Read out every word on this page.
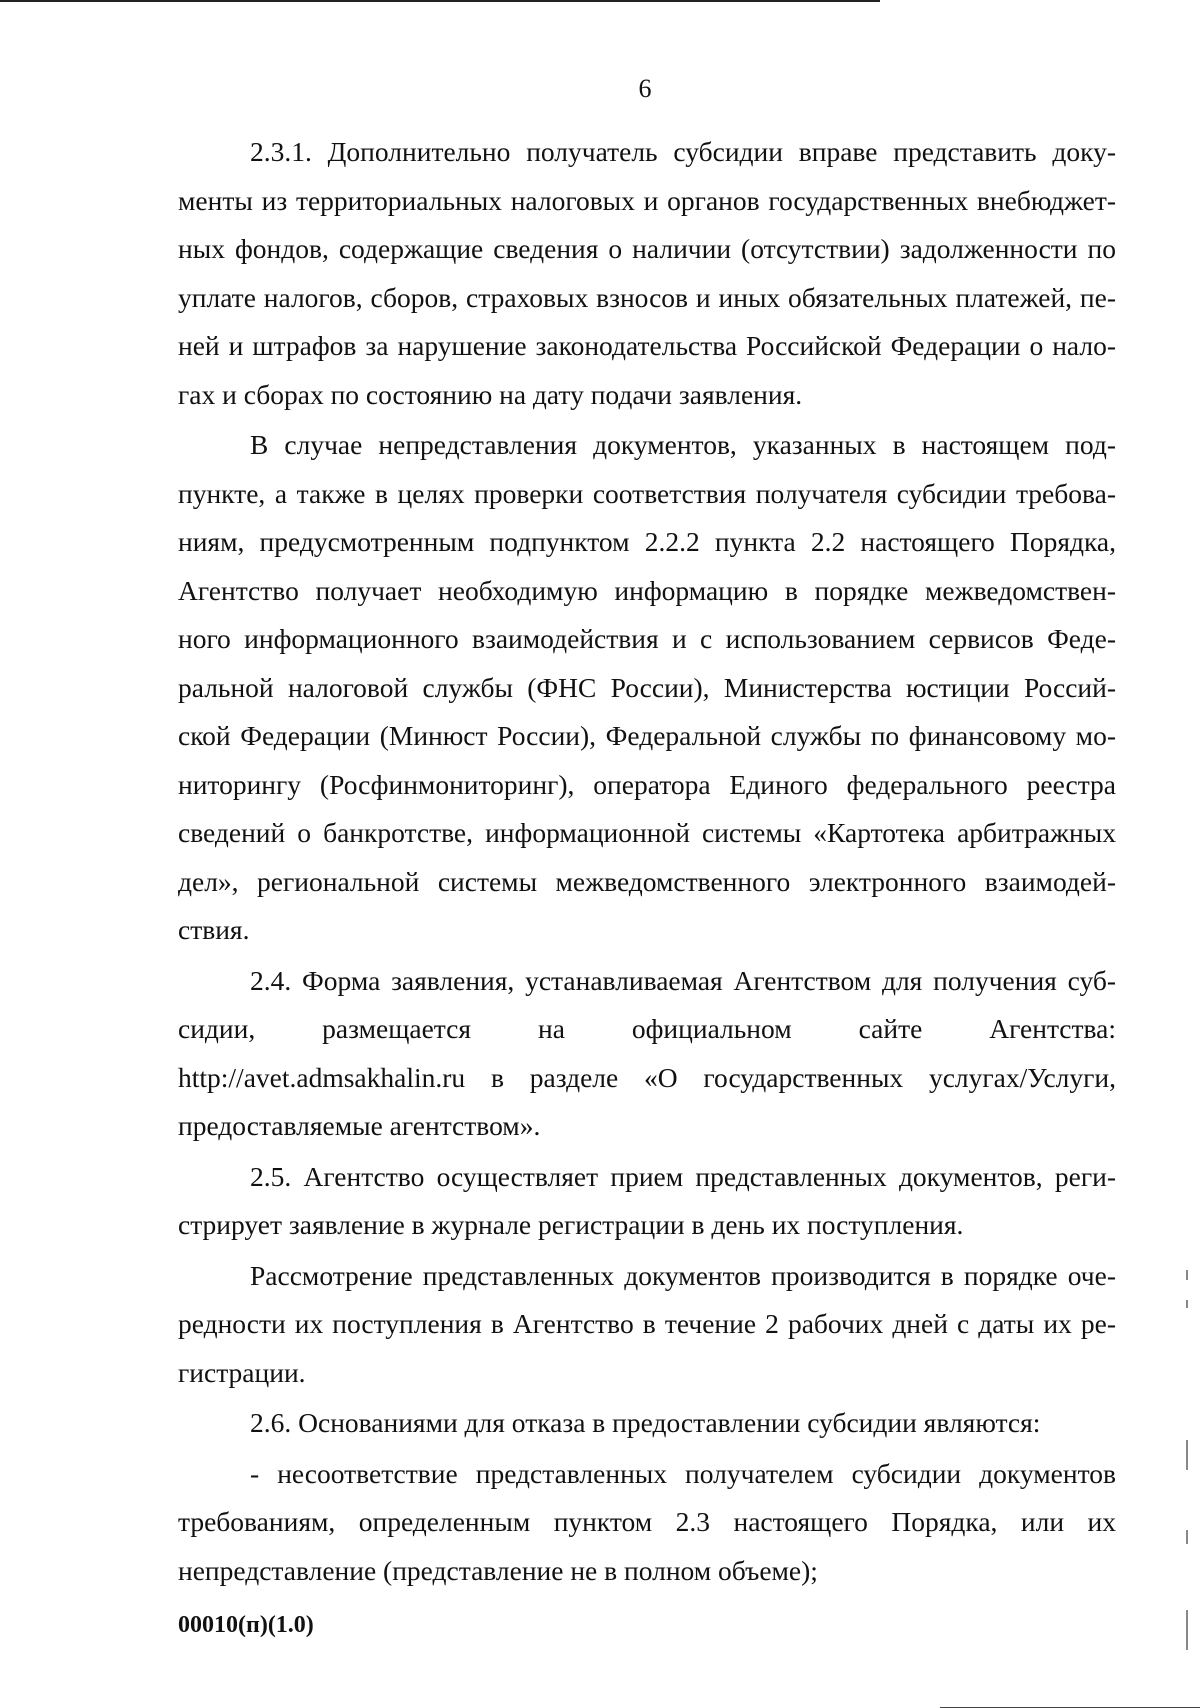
6
2.3.1. Дополнительно получатель субсидии вправе представить доку-
менты из территориальных налоговых и органов государственных внебюджет-
ных фондов, содержащие сведения о наличии (отсутствии) задолженности по
уплате налогов, сборов, страховых взносов и иных обязательных платежей, пе-
ней и штрафов за нарушение законодательства Российской Федерации о нало-
гах и сборах по состоянию на дату подачи заявления.
В случае непредставления документов, указанных в настоящем под-
пункте, а также в целях проверки соответствия получателя субсидии требова-
ниям, предусмотренным подпунктом 2.2.2 пункта 2.2 настоящего Порядка,
Агентство получает необходимую информацию в порядке межведомствен-
ного информационного взаимодействия и с использованием сервисов Феде-
ральной налоговой службы (ФНС России), Министерства юстиции Россий-
ской Федерации (Минюст России), Федеральной службы по финансовому мо-
ниторингу (Росфинмониторинг), оператора Единого федерального реестра
сведений о банкротстве, информационной системы «Картотека арбитражных
дел», региональной системы межведомственного электронного взаимодей-
ствия.
2.4. Форма заявления, устанавливаемая Агентством для получения суб-
сидии, размещается на официальном сайте Агентства:
http://avet.admsakhalin.ru в разделе «О государственных услугах/Услуги,
предоставляемые агентством».
2.5. Агентство осуществляет прием представленных документов, реги-
стрирует заявление в журнале регистрации в день их поступления.
Рассмотрение представленных документов производится в порядке оче-
редности их поступления в Агентство в течение 2 рабочих дней с даты их ре-
гистрации.
2.6. Основаниями для отказа в предоставлении субсидии являются:
- несоответствие представленных получателем субсидии документов
требованиям, определенным пунктом 2.3 настоящего Порядка, или их
непредставление (представление не в полном объеме);
00010(п)(1.0)
